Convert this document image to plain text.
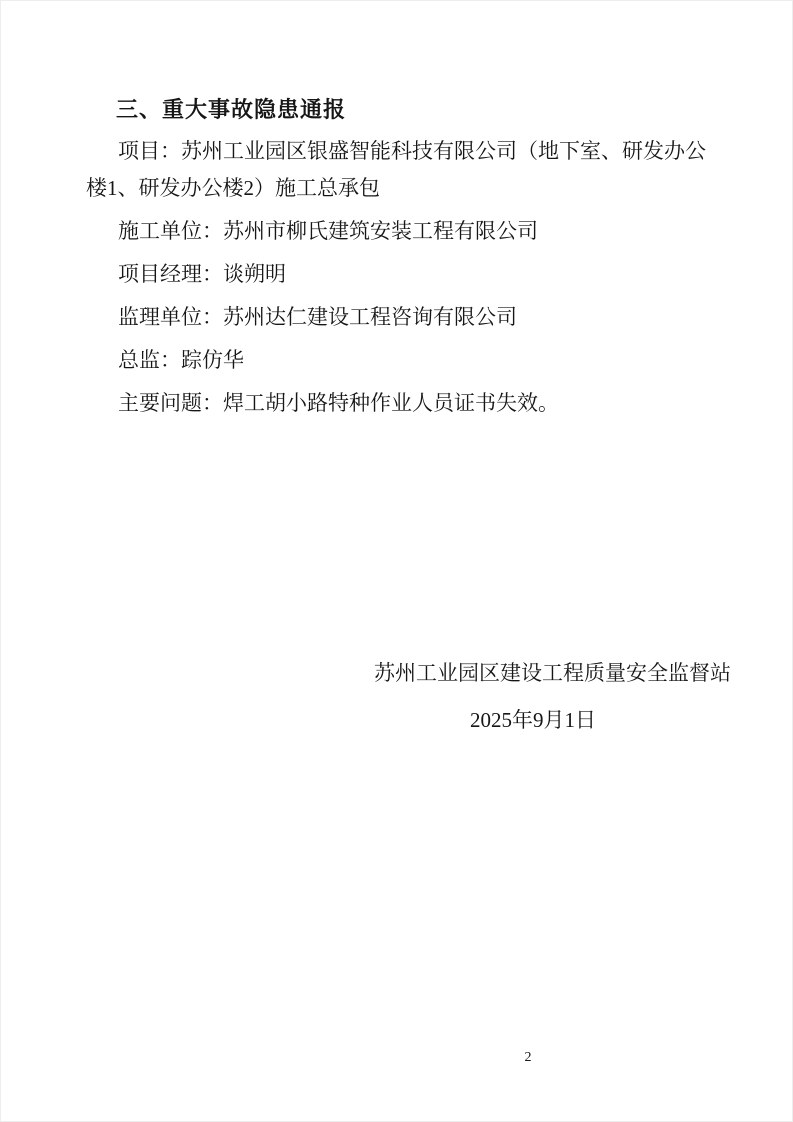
三、重大事故隐患通报

项目：苏州工业园区银盛智能科技有限公司（地下室、研发办公楼1、研发办公楼2）施工总承包

施工单位：苏州市柳氏建筑安装工程有限公司

项目经理：谈朔明

监理单位：苏州达仁建设工程咨询有限公司

总监：踪仿华

主要问题：焊工胡小路特种作业人员证书失效。

苏州工业园区建设工程质量安全监督站

2025年9月1日

2
